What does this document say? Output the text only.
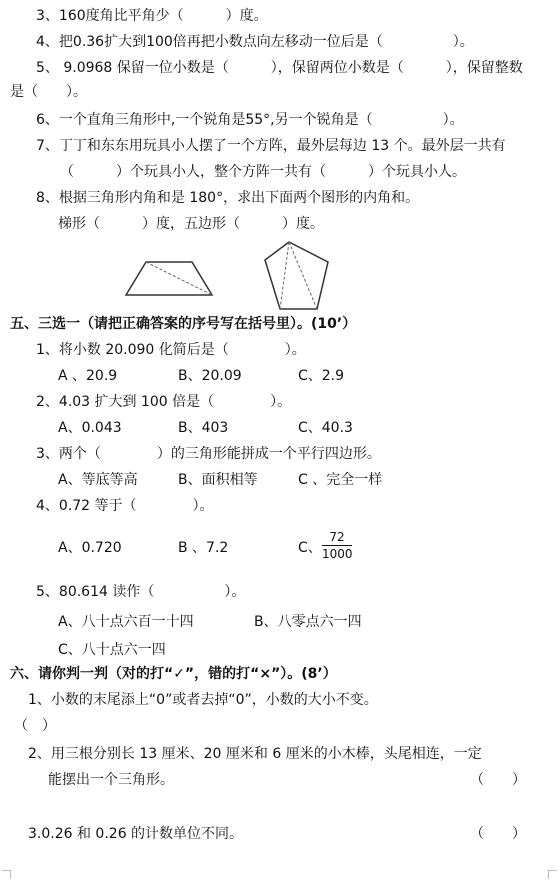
3、160度角比平角少（　　　）度。
4、把0.36扩大到100倍再把小数点向左移动一位后是（　　　　　）。
5、 9.0968 保留一位小数是（　　　），保留两位小数是（　　　），保留整数
是（　　）。
6、一个直角三角形中,一个锐角是55°,另一个锐角是（　　　　　）。
7、丁丁和东东用玩具小人摆了一个方阵，最外层每边 13 个。最外层一共有
（　　　）个玩具小人，整个方阵一共有（　　　）个玩具小人。
8、根据三角形内角和是 180°，求出下面两个图形的内角和。
梯形（　　　）度，五边形（　　　）度。
五、三选一（请把正确答案的序号写在括号里）。(10’）
1、将小数 20.090 化简后是（　　　　）。
A 、20.9	B、20.09	C、2.9
2、4.03 扩大到 100 倍是（　　　　）。
A、0.043	B、403	C、40.3
3、两个（　　　　）的三角形能拼成一个平行四边形。
A、等底等高	B、面积相等	C 、完全一样
4、0.72 等于（　　　　）。
A、0.720	B 、7.2	C、
72
1000
5、80.614 读作（　　　　　）。
A、八十点六百一十四	B、八零点六一四
C、八十点六一四
六、请你判一判（对的打“✓”，错的打“×”）。(8’）
1、小数的末尾添上“0”或者去掉“0”，小数的大小不变。
（　）
2、用三根分别长 13 厘米、20 厘米和 6 厘米的小木棒，头尾相连，一定
能摆出一个三角形。	（　　）
3.0.26 和 0.26 的计数单位不同。	（　　）
